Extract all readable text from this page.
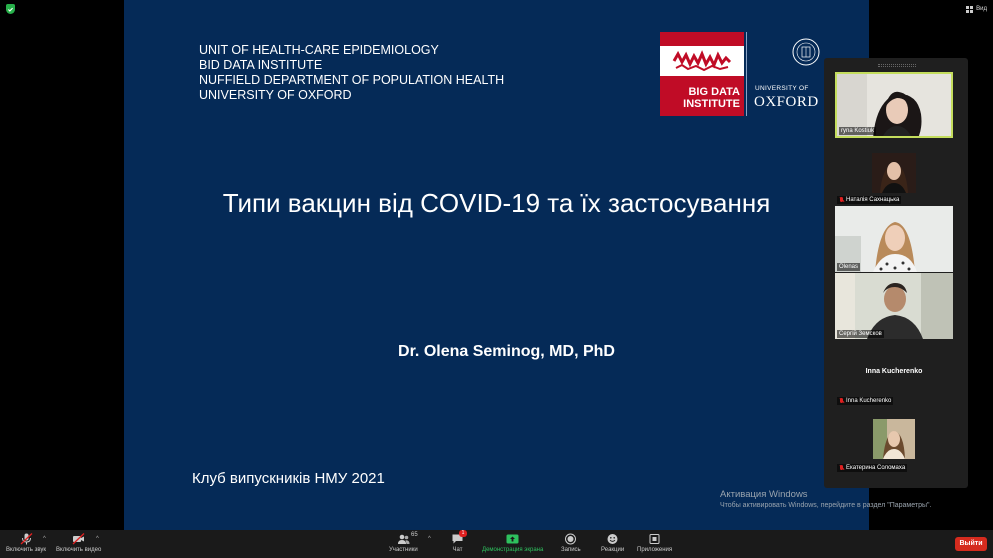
Вид
UNIT OF HEALTH-CARE EPIDEMIOLOGY
BID DATA INSTITUTE
NUFFIELD DEPARTMENT OF POPULATION HEALTH
UNIVERSITY OF OXFORD	BIG DATA
INSTITUTE
UNIVERSITY OF
OXFORD
Типи вакцин від COVID-19 та їх застосування
Dr. Olena Seminog, MD, PhD
Клуб випускників НМУ 2021
Активация Windows
Чтобы активировать Windows, перейдите в раздел "Параметры".
ryna Kostiuk
Наталія Сахнацька
Olenas
Сергій Земсков
Inna Kucherenko
Inna Kucherenko
Екатерина Соломаха
Включить звук
^
Включить видео
^
Участники
65
^
Чат
1
Демонстрация экрана	Запись	Реакции Приложения
Выйти
